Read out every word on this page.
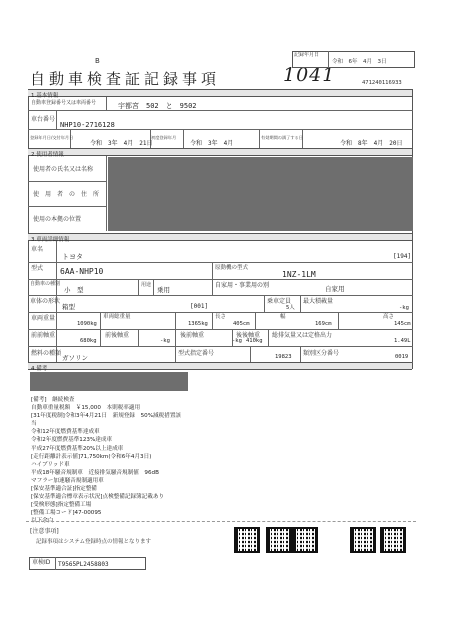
B
自動車検査証記録事項	1041
記録年月日
令和　6年　4月　3日
471240116933
1.基本情報
自動車登録番号又は車両番号	宇都宮　502　と　9502
車台番号
NHP10-2716128
登録年月日/交付年月日
令和　3年　4月　21日
初度登録年月
令和　3年　4月
有効期間の満了する日
令和　8年　4月　20日
2.使用者情報
使用者の氏名又は名称
使　用　者　の　住　所
使用の本拠の位置
3.車両詳細情報
車名
トヨタ	[194]
型式 6AA-NHP10	原動機の型式
1NZ-1LM
自動車の種別
小　型
用途
乗用
自家用・事業用の別	自家用
車体の形状
箱型	[001]
乗車定員
5人
最大積載量
-kg
車両重量
1090kg
車両総重量
1365kg
長さ
405cm
幅
169cm
高さ
145cm
前前軸重
680kg
前後軸重
-kg
後前軸重
-kg
後後軸重
410kg
総排気量又は定格出力
1.49L
燃料の種類
ガソリン
型式指定番号	19823 類別区分番号	0019
4.備考
[備考]　継続検査
自動車重量税額　￥15,000　本則税率適用
[31年度税制]令和3年4月21日　新規登録　50%減税措置該
当
令和12年度燃費基準達成車
令和2年度燃費基準123%達成車
平成27年度燃費基準20%以上達成車
[走行距離計表示値]71,750km(令和6年4月3日)
ハイブリッド車
平成18年騒音規制車　近接排気騒音規制値　96dB
マフラー加速騒音規制適用車
[保安基準適合証]指定整備
[保安基準適合標章表示状況]点検整備記録簿記載あり
[受検形態]指定整備工場
[整備工場コード]47-00095
以下余白
[注意事項]
記録事項はシステム登録時点の情報となります
車検ID T9565PL2458803
